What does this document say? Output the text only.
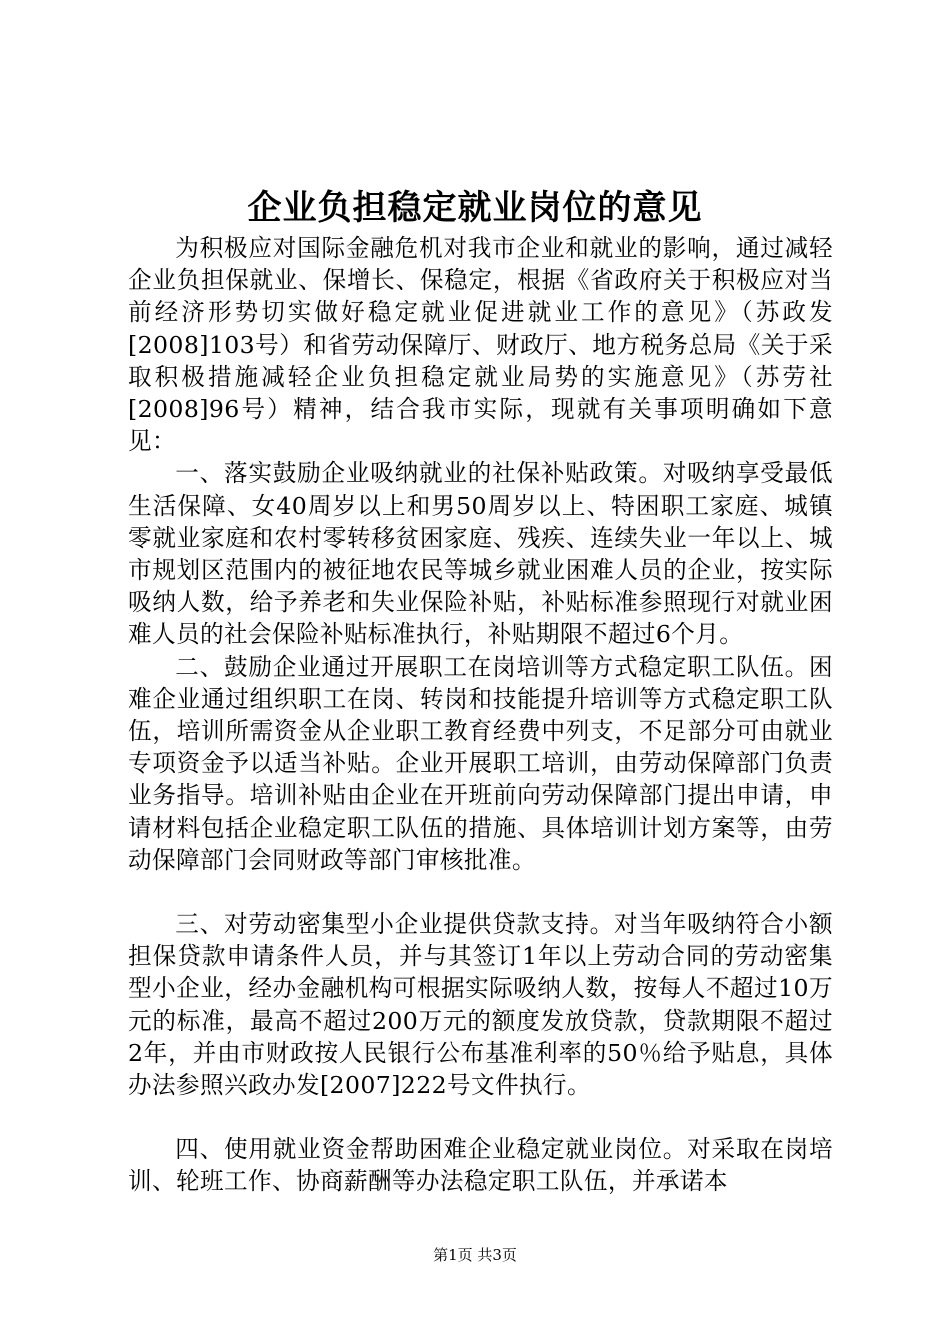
企业负担稳定就业岗位的意见

为积极应对国际金融危机对我市企业和就业的影响，通过减轻企业负担保就业、保增长、保稳定，根据《省政府关于积极应对当前经济形势切实做好稳定就业促进就业工作的意见》（苏政发[2008]103号）和省劳动保障厅、财政厅、地方税务总局《关于采取积极措施减轻企业负担稳定就业局势的实施意见》（苏劳社[2008]96号）精神，结合我市实际，现就有关事项明确如下意见：

一、落实鼓励企业吸纳就业的社保补贴政策。对吸纳享受最低生活保障、女40周岁以上和男50周岁以上、特困职工家庭、城镇零就业家庭和农村零转移贫困家庭、残疾、连续失业一年以上、城市规划区范围内的被征地农民等城乡就业困难人员的企业，按实际吸纳人数，给予养老和失业保险补贴，补贴标准参照现行对就业困难人员的社会保险补贴标准执行，补贴期限不超过6个月。

二、鼓励企业通过开展职工在岗培训等方式稳定职工队伍。困难企业通过组织职工在岗、转岗和技能提升培训等方式稳定职工队伍，培训所需资金从企业职工教育经费中列支，不足部分可由就业专项资金予以适当补贴。企业开展职工培训，由劳动保障部门负责业务指导。培训补贴由企业在开班前向劳动保障部门提出申请，申请材料包括企业稳定职工队伍的措施、具体培训计划方案等，由劳动保障部门会同财政等部门审核批准。

三、对劳动密集型小企业提供贷款支持。对当年吸纳符合小额担保贷款申请条件人员，并与其签订1年以上劳动合同的劳动密集型小企业，经办金融机构可根据实际吸纳人数，按每人不超过10万元的标准，最高不超过200万元的额度发放贷款，贷款期限不超过2年，并由市财政按人民银行公布基准利率的50％给予贴息，具体办法参照兴政办发[2007]222号文件执行。

四、使用就业资金帮助困难企业稳定就业岗位。对采取在岗培训、轮班工作、协商薪酬等办法稳定职工队伍，并承诺本

第1页 共3页
